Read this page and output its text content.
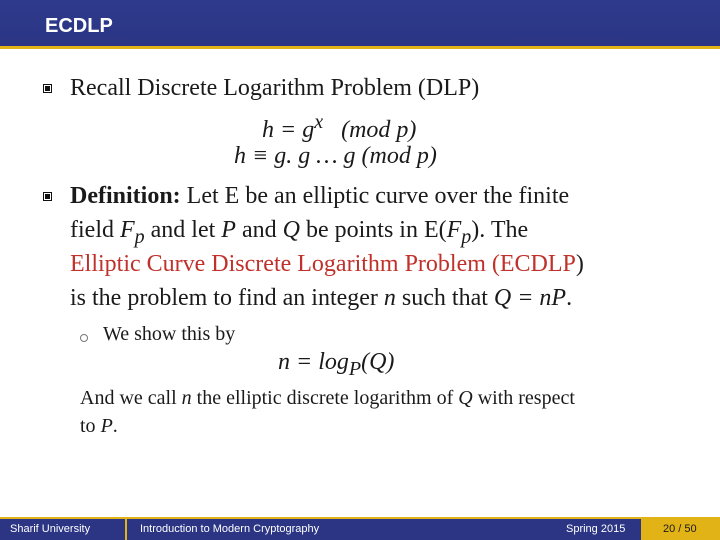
ECDLP
Recall Discrete Logarithm Problem (DLP)
$h = g^x$ (mod p)
h ≡ g. g … g (mod p)
Definition: Let E be an elliptic curve over the finite
field $F_p$ and let P and Q be points in $E(F_p)$. The
Elliptic Curve Discrete Logarithm Problem (ECDLP)
is the problem to find an integer n such that Q = nP.
We show this by
$n = \log_P(Q)$
And we call n the elliptic discrete logarithm of Q with respect
to P.
Sharif University	Introduction to Modern Cryptography	Spring 2015	20 / 50
